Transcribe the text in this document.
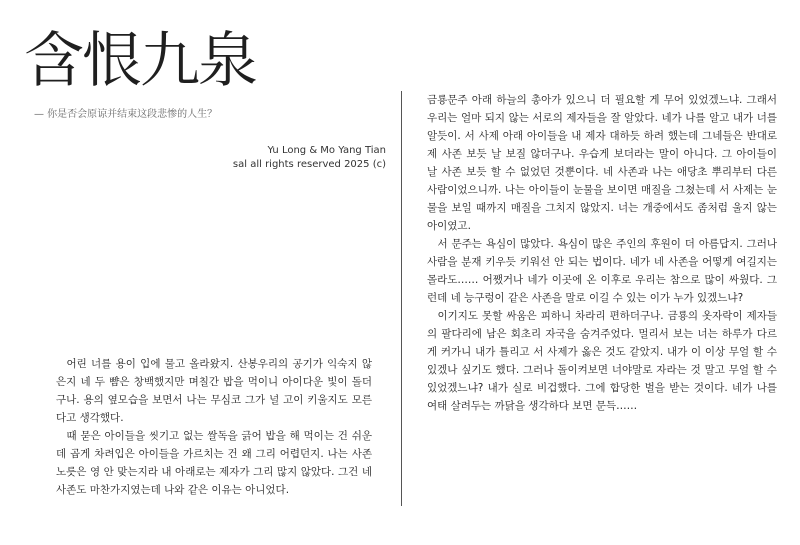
含恨九泉
— 你是否会原谅并结束这段悲惨的人生？
Yu Long & Mo Yang Tian
sal all rights reserved 2025 (c)

어린 너를 용이 입에 물고 올라왔지. 산봉우리의 공기가 익숙지 않은지 네 두 뺨은 창백했지만 며칠간 밥을 먹이니 아이다운 빛이 돌더구나. 용의 옆모습을 보면서 나는 무심코 그가 널 고이 키울지도 모른다고 생각했다.

때 묻은 아이들을 씻기고 없는 쌀독을 긁어 밥을 해 먹이는 건 쉬운데 곱게 차려입은 아이들을 가르치는 건 왜 그리 어렵던지. 나는 사존 노릇은 영 안 맞는지라 내 아래로는 제자가 그리 많지 않았다. 그건 네 사존도 마찬가지였는데 나와 같은 이유는 아니었다.

금룡문주 아래 하늘의 총아가 있으니 더 필요할 게 무어 있었겠느냐. 그래서 우리는 얼마 되지 않는 서로의 제자들을 잘 알았다. 네가 나를 알고 내가 너를 알듯이. 서 사제 아래 아이들을 내 제자 대하듯 하려 했는데 그네들은 반대로 제 사존 보듯 날 보질 않더구나. 우습게 보더라는 말이 아니다. 그 아이들이 날 사존 보듯 할 수 없었던 것뿐이다. 네 사존과 나는 애당초 뿌리부터 다른 사람이었으니까. 나는 아이들이 눈물을 보이면 매질을 그쳤는데 서 사제는 눈물을 보일 때까지 매질을 그치지 않았지. 너는 개중에서도 좀처럼 울지 않는 아이였고.

서 문주는 욕심이 많았다. 욕심이 많은 주인의 후원이 더 아름답지. 그러나 사람을 분재 키우듯 키워선 안 되는 법이다. 네가 네 사존을 어떻게 여길지는 몰라도…… 어쨌거나 네가 이곳에 온 이후로 우리는 참으로 많이 싸웠다. 그런데 네 능구렁이 같은 사존을 말로 이길 수 있는 이가 누가 있겠느냐?

이기지도 못할 싸움은 피하니 차라리 편하더구나. 금룡의 옷자락이 제자들의 팔다리에 남은 회초리 자국을 숨겨주었다. 멀리서 보는 너는 하루가 다르게 커가니 내가 틀리고 서 사제가 옳은 것도 같았지. 내가 이 이상 무얼 할 수 있겠나 싶기도 했다. 그러나 돌이켜보면 너야말로 자라는 것 말고 무얼 할 수 있었겠느냐? 내가 실로 비겁했다. 그에 합당한 벌을 받는 것이다. 네가 나를 여태 살려두는 까닭을 생각하다 보면 문득……
